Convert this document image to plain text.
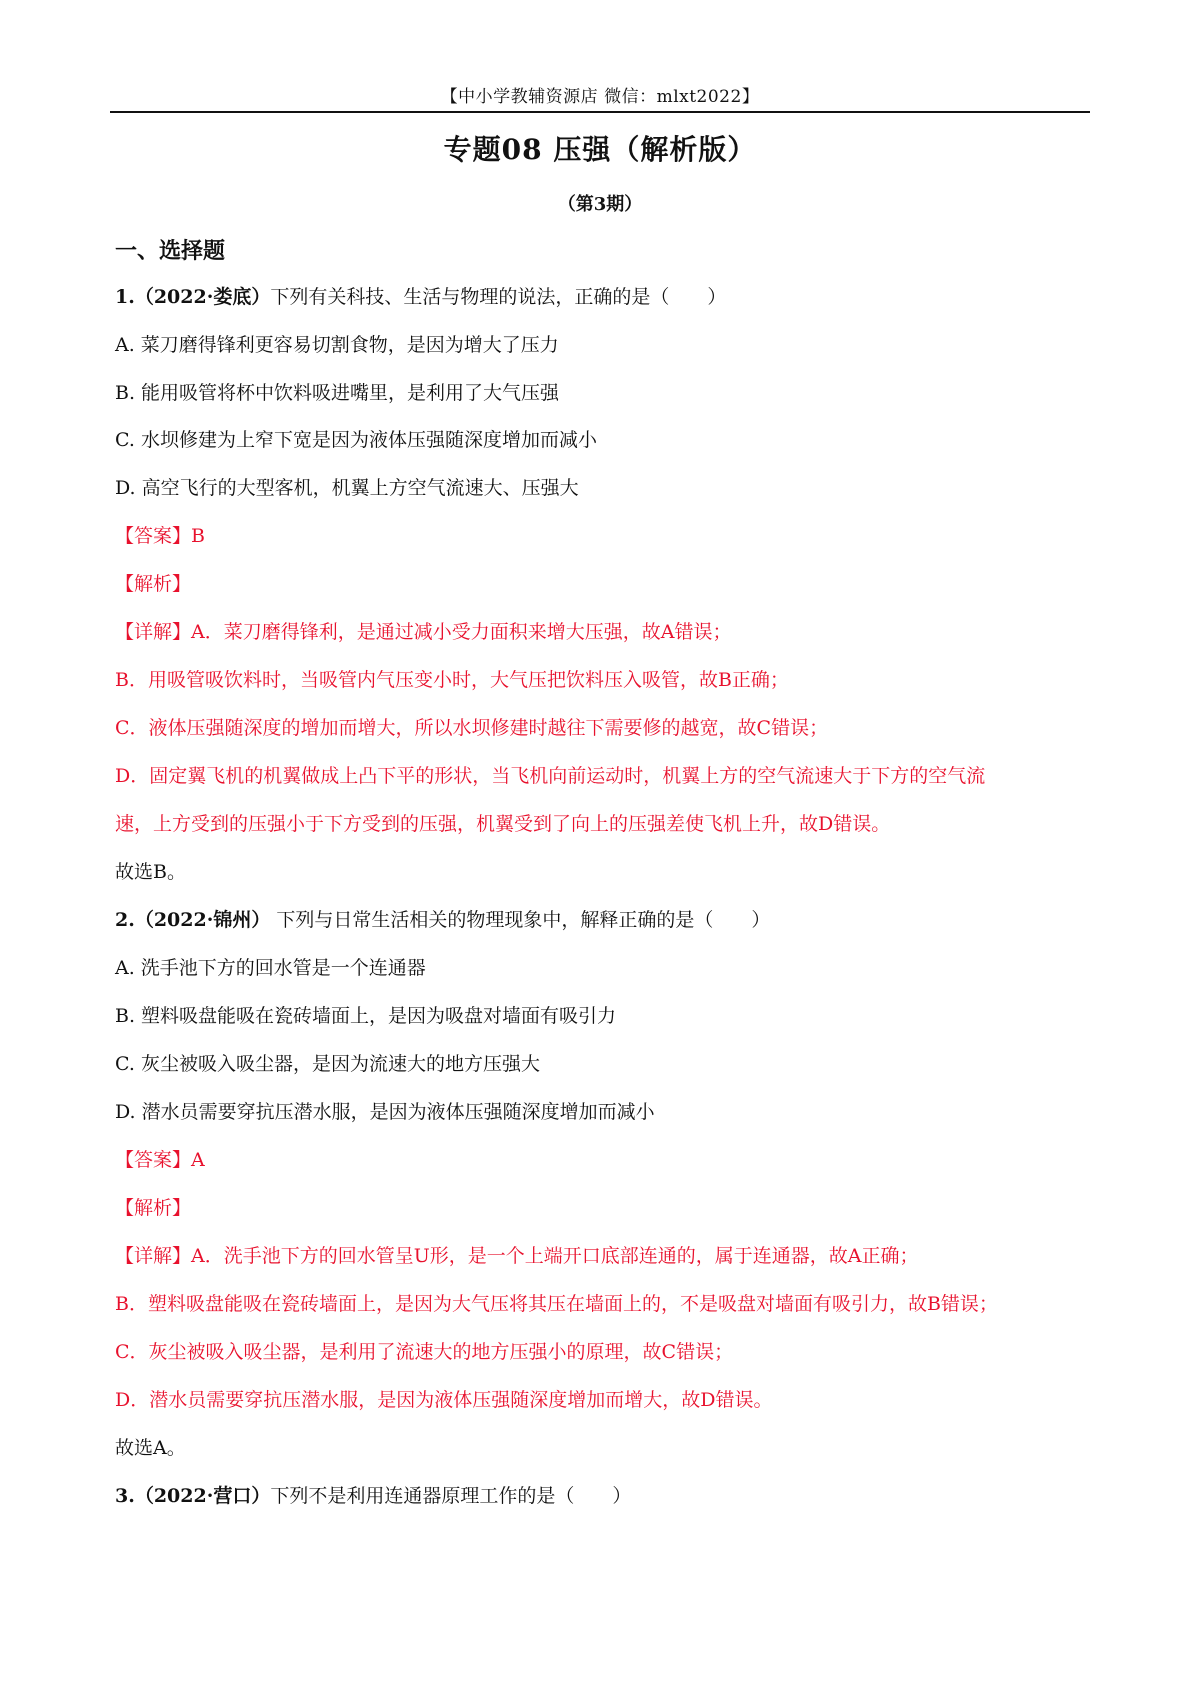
【中小学教辅资源店 微信：mlxt2022】
专题08 压强（解析版）
（第3期）
一、选择题
1.（2022·娄底）下列有关科技、生活与物理的说法，正确的是（　　）
A. 菜刀磨得锋利更容易切割食物，是因为增大了压力
B. 能用吸管将杯中饮料吸进嘴里，是利用了大气压强
C. 水坝修建为上窄下宽是因为液体压强随深度增加而减小
D. 高空飞行的大型客机，机翼上方空气流速大、压强大
【答案】B
【解析】
【详解】A．菜刀磨得锋利，是通过减小受力面积来增大压强，故A错误；
B．用吸管吸饮料时，当吸管内气压变小时，大气压把饮料压入吸管，故B正确；
C．液体压强随深度的增加而增大，所以水坝修建时越往下需要修的越宽，故C错误；
D．固定翼飞机的机翼做成上凸下平的形状，当飞机向前运动时，机翼上方的空气流速大于下方的空气流
速，上方受到的压强小于下方受到的压强，机翼受到了向上的压强差使飞机上升，故D错误。
故选B。
2.（2022·锦州） 下列与日常生活相关的物理现象中，解释正确的是（　　）
A. 洗手池下方的回水管是一个连通器
B. 塑料吸盘能吸在瓷砖墙面上，是因为吸盘对墙面有吸引力
C. 灰尘被吸入吸尘器，是因为流速大的地方压强大
D. 潜水员需要穿抗压潜水服，是因为液体压强随深度增加而减小
【答案】A
【解析】
【详解】A．洗手池下方的回水管呈U形，是一个上端开口底部连通的，属于连通器，故A正确；
B．塑料吸盘能吸在瓷砖墙面上，是因为大气压将其压在墙面上的，不是吸盘对墙面有吸引力，故B错误；
C．灰尘被吸入吸尘器，是利用了流速大的地方压强小的原理，故C错误；
D．潜水员需要穿抗压潜水服，是因为液体压强随深度增加而增大，故D错误。
故选A。
3.（2022·营口）下列不是利用连通器原理工作的是（　　）
